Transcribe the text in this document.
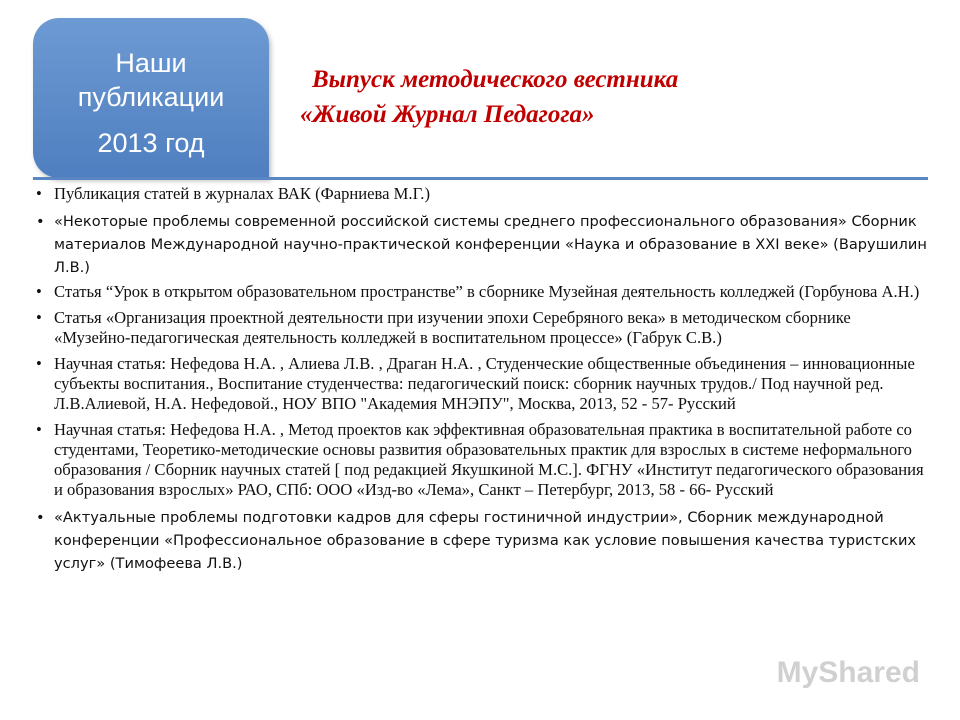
Наши
публикации
2013 год
Выпуск методического вестника
«Живой Журнал Педагога»
• Публикация статей в журналах ВАК (Фарниева М.Г.)
• «Некоторые проблемы современной российской системы среднего профессионального образования» Сборник материалов Международной научно-практической конференции «Наука и образование в XXI веке» (Варушилин Л.В.)
• Статья “Урок в открытом образовательном пространстве” в сборнике Музейная деятельность колледжей (Горбунова А.Н.)
• Статья «Организация проектной деятельности при изучении эпохи Серебряного века» в методическом сборнике «Музейно-педагогическая деятельность колледжей в воспитательном процессе» (Габрук С.В.)
• Научная статья: Нефедова Н.А. , Алиева Л.В. , Драган Н.А. , Студенческие общественные объединения – инновационные субъекты воспитания., Воспитание студенчества: педагогический поиск: сборник научных трудов./ Под научной ред. Л.В.Алиевой, Н.А. Нефедовой., НОУ ВПО "Академия МНЭПУ", Москва, 2013, 52 - 57- Русский
• Научная статья: Нефедова Н.А. , Метод проектов как эффективная образовательная практика в воспитательной работе со студентами, Теоретико-методические основы развития образовательных практик для взрослых в системе неформального образования / Сборник научных статей [ под редакцией Якушкиной М.С.]. ФГНУ «Институт педагогического образования и образования взрослых» РАО, СПб: ООО «Изд-во «Лема», Санкт – Петербург, 2013, 58 - 66- Русский
• «Актуальные проблемы подготовки кадров для сферы гостиничной индустрии», Сборник международной конференции «Профессиональное образование в сфере туризма как условие повышения качества туристских услуг» (Тимофеева Л.В.)
MyShared
